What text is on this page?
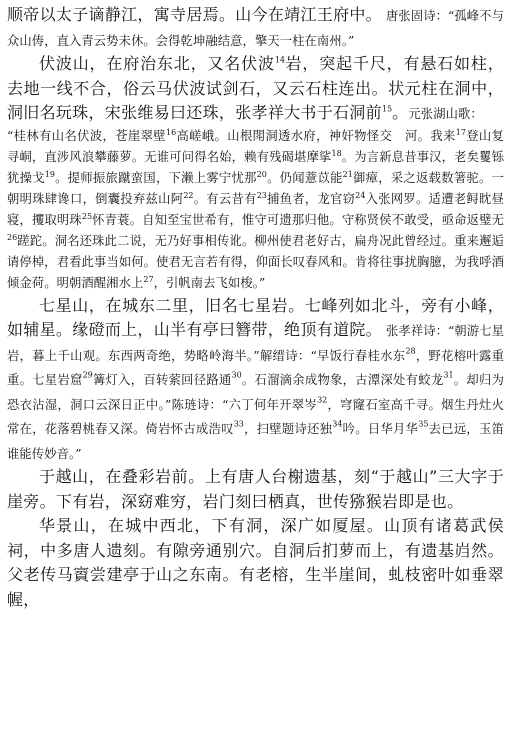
顺帝以太子谪静江，寓寺居焉。山今在靖江王府中。 唐张固诗：“孤峰不与众山俦，直入青云势未休。会得乾坤融结意，擎天一柱在南州。”

伏波山，在府治东北，又名伏波$^{14}$岩，突起千尺，有悬石如柱，去地一线不合，俗云马伏波试剑石，又云石柱连出。状元柱在洞中，洞旧名玩珠，宋张维易曰还珠，张孝祥大书于石洞前$^{15}$。元张湖山歌：

“桂林有山名伏波，苍崖翠壁$^{16}$高嵯峨。山根閗洞透水府，神奸物怪交　河。我来$^{17}$登山复寻峒，直涉风浪攀藤萝。无谁可问得名始，赖有残碣堪摩挲$^{18}$。为言新息昔事汉，老矣矍铄犹操戈$^{19}$。提师振旅蹴蛮国，下濑上雾宁忧那$^{20}$。仍闻薏苡能$^{21}$御瘴，采之返载数箸驼。一朝明珠肆谗口，倒囊投弃兹山阿$^{22}$。有云昔有$^{23}$捕鱼者，龙官窃$^{24}$入张网罗。适遭老鲟眈昼寝，攫取明珠$^{25}$怀青蓑。自知至宝世希有，惟守可遗那归他。守称贤侯不敢受，亟命返璧无$^{26}$蹉跎。洞名还珠此二说，无乃好事相传讹。柳州使君老好古，扁舟况此曾经过。重来邂逅请停棹，君看此事当如何。使君无言若有得，仰面长叹春风和。肯将往事扰胸臆，为我呼酒倾金荷。明朝酒醒湘水上$^{27}$，引帆南去飞如梭。”

七星山，在城东二里，旧名七星岩。七峰列如北斗，旁有小峰，如辅星。缘磴而上，山半有亭曰簪带，绝顶有道院。 张孝祥诗：“朝游七星岩，暮上千山观。东西两奇绝，势略岭海半。”解缙诗：“早饭行春桂水东$^{28}$，野花榕叶露重重。七星岩窟$^{29}$篝灯入，百转萦回径路通$^{30}$。石溜滴余成物象，古潭深处有蛟龙$^{31}$。却归为恐衣沾湿，洞口云深日正中。”陈琏诗：“六丁何年开翠岑$^{32}$，穹窿石室高千寻。烟生丹灶火常在，花落碧桃春又深。倚岩怀古成浩叹$^{33}$，扫壁题诗还独$^{34}$吟。日华月华$^{35}$去已远，玉笛谁能传妙音。”

于越山，在叠彩岩前。上有唐人台榭遗基，刻“于越山”三大字于崖旁。下有岩，深窈难穷，岩门刻曰栖真，世传猕猴岩即是也。

华景山，在城中西北，下有洞，深广如厦屋。山顶有诸葛武侯祠，中多唐人遗刻。有隙旁通别穴。自洞后扪萝而上，有遗基岿然。父老传马賨尝建亭于山之东南。有老榕，生半崖间，虬枝密叶如垂翠幄，
